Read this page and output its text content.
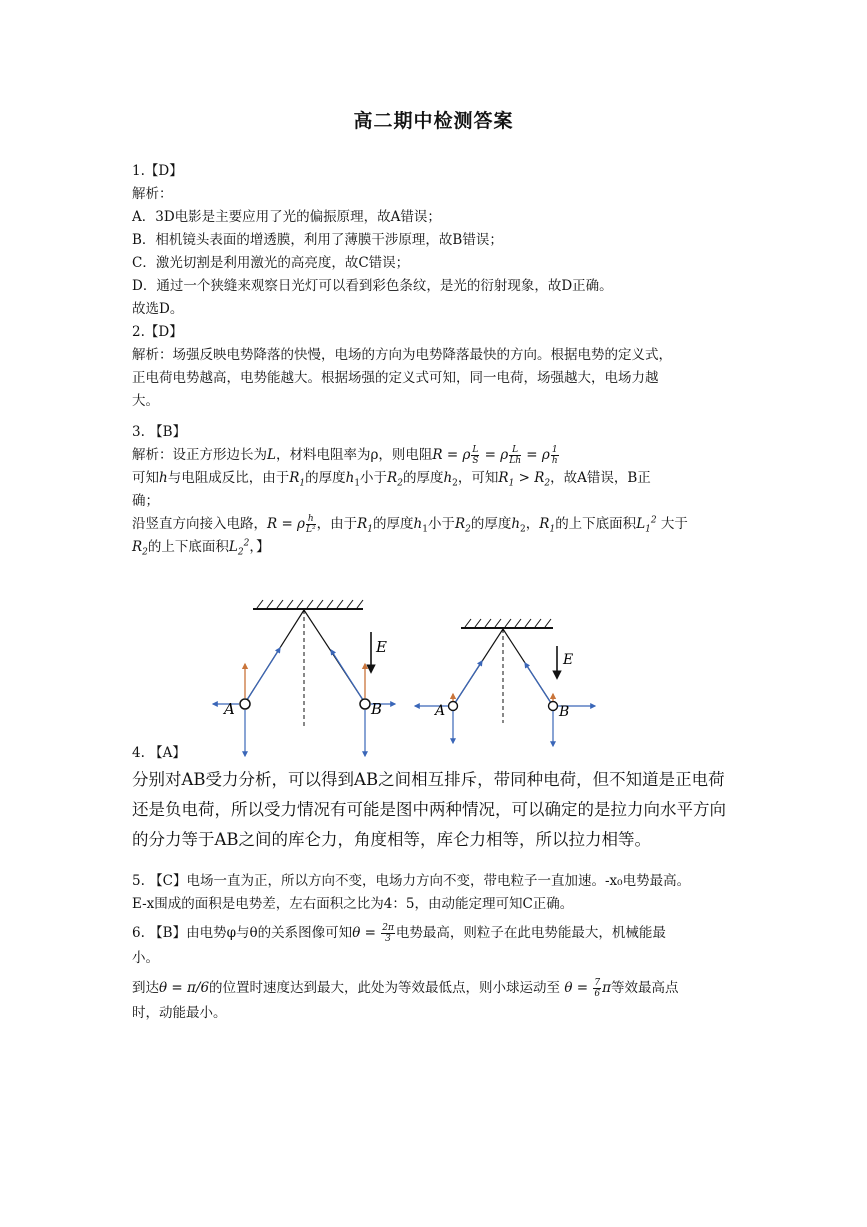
高二期中检测答案

1.【D】

解析：

A．3D电影是主要应用了光的偏振原理，故A错误；

B．相机镜头表面的增透膜，利用了薄膜干涉原理，故B错误；

C．激光切割是利用激光的高亮度，故C错误；

D．通过一个狭缝来观察日光灯可以看到彩色条纹，是光的衍射现象，故D正确。

故选D。

2.【D】

解析：场强反映电势降落的快慢，电场的方向为电势降落最快的方向。根据电势的定义式，

正电荷电势越高，电势能越大。根据场强的定义式可知，同一电荷，场强越大，电场力越

大。

3. 【B】

解析：设正方形边长为L，材料电阻率为ρ，则电阻R = ρ $\frac{L}{S} = \rho \frac{L}{Lh} = \rho \frac{1}{h}$

可知h与电阻成反比，由于$R_1$的厚度$h_1$小于$R_2$的厚度$h_2$，可知$R_1 > R_2$，故A错误，B正

确；

沿竖直方向接入电路，R = ρ $\frac{h}{\text{L²}}$ ，由于$R_1$的厚度$h_1$小于$R_2$的厚度$h_2$，$R_1$的上下底面积$L_1^2$ 大于

$R_2$的上下底面积$L_2^2$，】

A	B
E
A	B
E

4. 【A】

分别对AB受力分析，可以得到AB之间相互排斥，带同种电荷，但不知道是正电荷

还是负电荷，所以受力情况有可能是图中两种情况，可以确定的是拉力向水平方向

的分力等于AB之间的库仑力，角度相等，库仑力相等，所以拉力相等。

5. 【C】电场一直为正，所以方向不变，电场力方向不变，带电粒子一直加速。-x₀电势最高。

E-x围成的面积是电势差，左右面积之比为4：5，由动能定理可知C正确。

6. 【B】由电势φ与θ的关系图像可知$\theta = \frac{2\pi}{3}$ 电势最高，则粒子在此电势能最大，机械能最

小。

到达θ = π/6的位置时速度达到最大，此处为等效最低点，则小球运动至 $\theta = \frac{7}{6}$ π等效最高点

时，动能最小。
